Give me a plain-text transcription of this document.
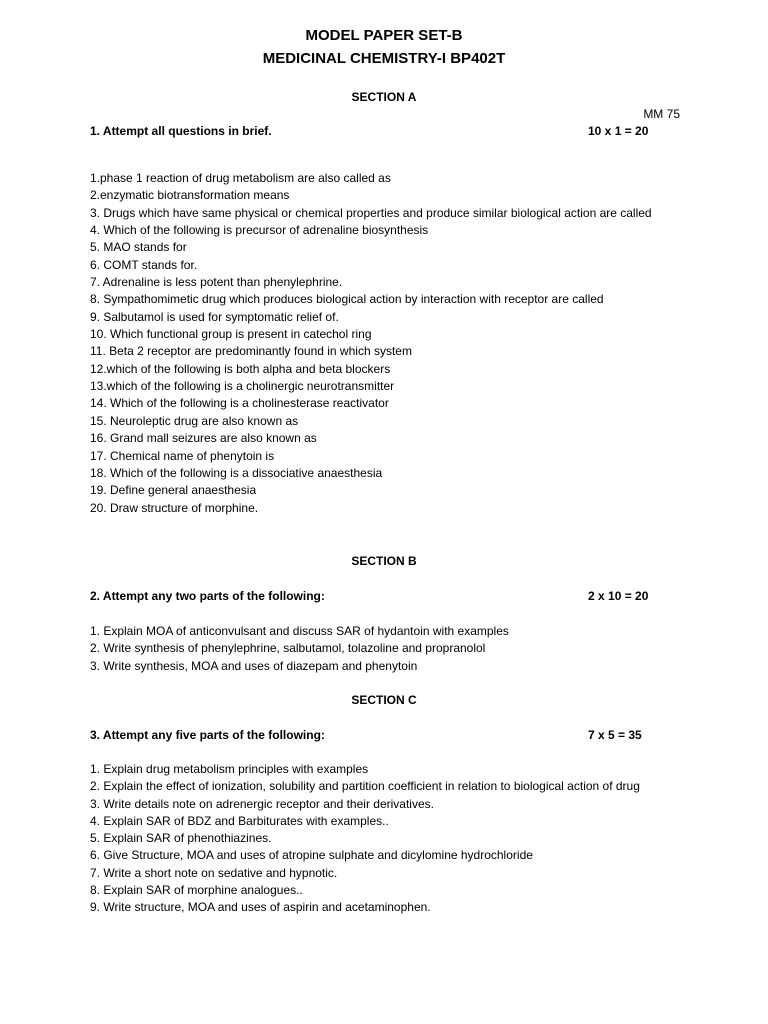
MODEL PAPER SET-B
MEDICINAL CHEMISTRY-I BP402T
SECTION A
MM 75
1. Attempt all questions in brief.	10 x 1 = 20
1.phase 1 reaction of drug metabolism are also called as
2.enzymatic biotransformation means
3. Drugs which have same physical or chemical properties and produce similar biological action are called
4. Which of the following is precursor of adrenaline biosynthesis
5. MAO stands for
6. COMT stands for.
7. Adrenaline is less potent than phenylephrine.
8. Sympathomimetic drug which produces biological action by interaction with receptor are called
9. Salbutamol is used for symptomatic relief of.
10. Which functional group is present in catechol ring
11. Beta 2 receptor are predominantly found in which system
12.which of the following is both alpha and beta blockers
13.which of the following is a cholinergic neurotransmitter
14. Which of the following is a cholinesterase reactivator
15. Neuroleptic drug are also known as
16. Grand mall seizures are also known as
17. Chemical name of phenytoin is
18. Which of the following is a dissociative anaesthesia
19. Define general anaesthesia
20. Draw structure of morphine.
SECTION B
2. Attempt any two parts of the following:	2 x 10 = 20
1. Explain MOA of anticonvulsant and discuss SAR of hydantoin with examples
2. Write synthesis of phenylephrine, salbutamol, tolazoline and propranolol
3. Write synthesis, MOA and uses of diazepam and phenytoin
SECTION C
3. Attempt any five parts of the following:	7 x 5 = 35
1. Explain drug metabolism principles with examples
2. Explain the effect of ionization, solubility and partition coefficient in relation to biological action of drug
3. Write details note on adrenergic receptor and their derivatives.
4. Explain SAR of BDZ and Barbiturates with examples..
5. Explain SAR of phenothiazines.
6. Give Structure, MOA and uses of atropine sulphate and dicylomine hydrochloride
7. Write a short note on sedative and hypnotic.
8. Explain SAR of morphine analogues..
9. Write structure, MOA and uses of aspirin and acetaminophen.
